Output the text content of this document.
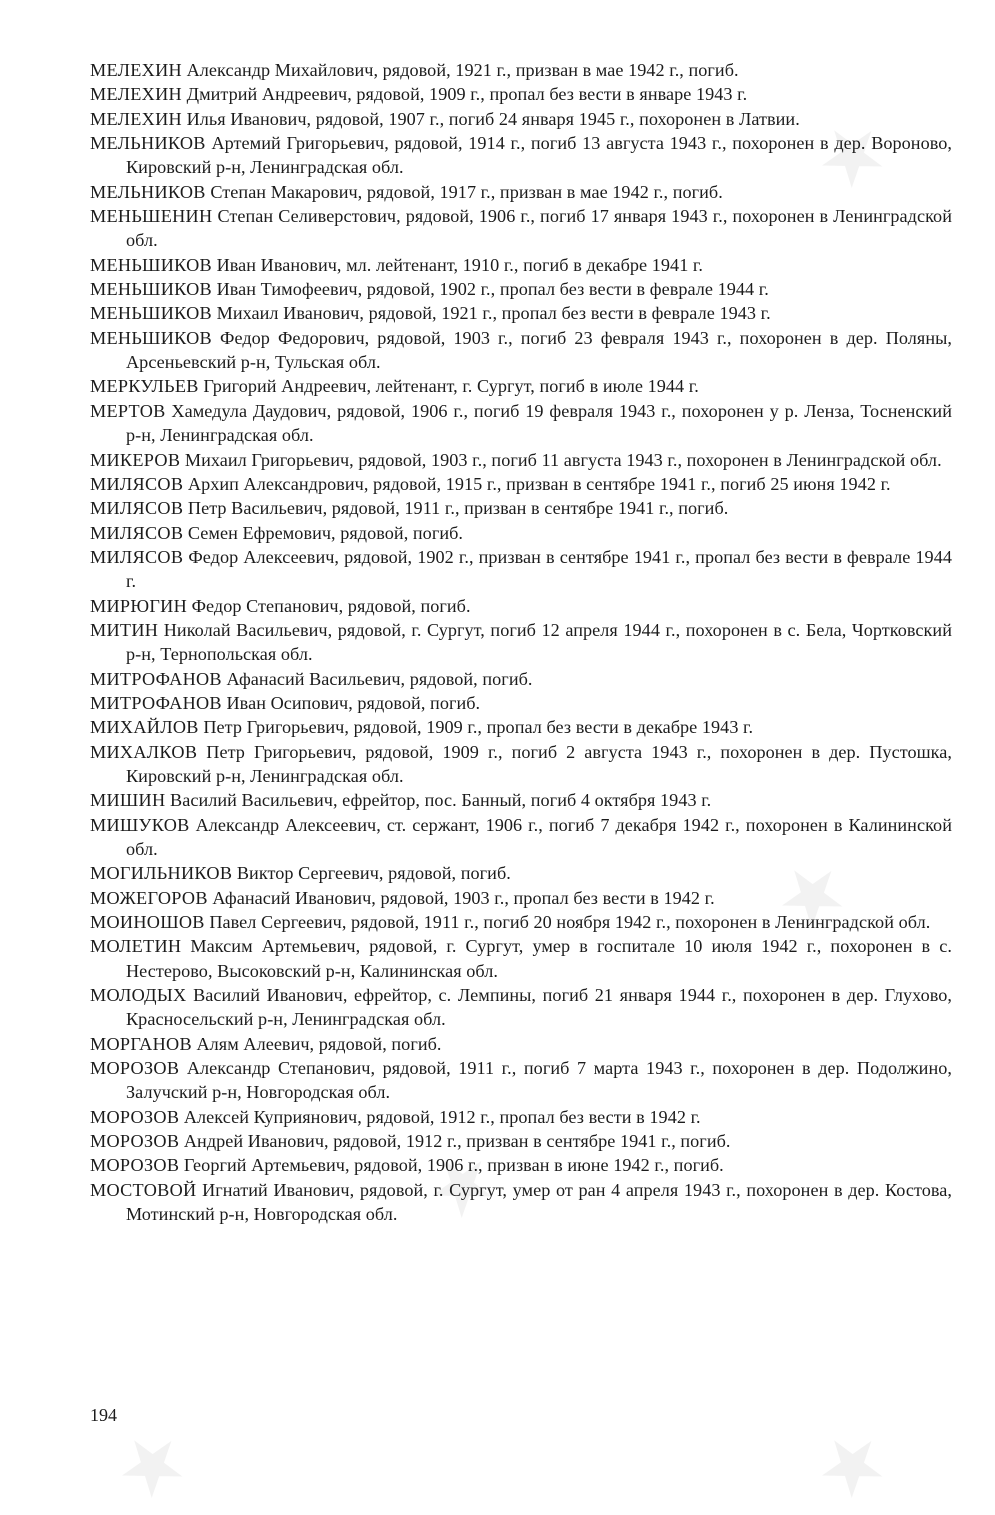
★
★
★
★	★
МЕЛЕХИН Александр Михайлович, рядовой, 1921 г., призван в мае 1942 г., погиб.
МЕЛЕХИН Дмитрий Андреевич, рядовой, 1909 г., пропал без вести в январе 1943 г.
МЕЛЕХИН Илья Иванович, рядовой, 1907 г., погиб 24 января 1945 г., похоронен в Латвии.
МЕЛЬНИКОВ Артемий Григорьевич, рядовой, 1914 г., погиб 13 августа 1943 г., похоронен в дер. Вороново, Кировский р-н, Ленинградская обл.
МЕЛЬНИКОВ Степан Макарович, рядовой, 1917 г., призван в мае 1942 г., погиб.
МЕНЬШЕНИН Степан Селиверстович, рядовой, 1906 г., погиб 17 января 1943 г., похоронен в Ленинградской обл.
МЕНЬШИКОВ Иван Иванович, мл. лейтенант, 1910 г., погиб в декабре 1941 г.
МЕНЬШИКОВ Иван Тимофеевич, рядовой, 1902 г., пропал без вести в феврале 1944 г.
МЕНЬШИКОВ Михаил Иванович, рядовой, 1921 г., пропал без вести в феврале 1943 г.
МЕНЬШИКОВ Федор Федорович, рядовой, 1903 г., погиб 23 февраля 1943 г., похоронен в дер. Поляны, Арсеньевский р-н, Тульская обл.
МЕРКУЛЬЕВ Григорий Андреевич, лейтенант, г. Сургут, погиб в июле 1944 г.
МЕРТОВ Хамедула Даудович, рядовой, 1906 г., погиб 19 февраля 1943 г., похоронен у р. Ленза, Тосненский р-н, Ленинградская обл.
МИКЕРОВ Михаил Григорьевич, рядовой, 1903 г., погиб 11 августа 1943 г., похоронен в Ленинградской обл.
МИЛЯСОВ Архип Александрович, рядовой, 1915 г., призван в сентябре 1941 г., погиб 25 июня 1942 г.
МИЛЯСОВ Петр Васильевич, рядовой, 1911 г., призван в сентябре 1941 г., погиб.
МИЛЯСОВ Семен Ефремович, рядовой, погиб.
МИЛЯСОВ Федор Алексеевич, рядовой, 1902 г., призван в сентябре 1941 г., пропал без вести в феврале 1944 г.
МИРЮГИН Федор Степанович, рядовой, погиб.
МИТИН Николай Васильевич, рядовой, г. Сургут, погиб 12 апреля 1944 г., похоронен в с. Бела, Чортковский р-н, Тернопольская обл.
МИТРОФАНОВ Афанасий Васильевич, рядовой, погиб.
МИТРОФАНОВ Иван Осипович, рядовой, погиб.
МИХАЙЛОВ Петр Григорьевич, рядовой, 1909 г., пропал без вести в декабре 1943 г.
МИХАЛКОВ Петр Григорьевич, рядовой, 1909 г., погиб 2 августа 1943 г., похоронен в дер. Пустошка, Кировский р-н, Ленинградская обл.
МИШИН Василий Васильевич, ефрейтор, пос. Банный, погиб 4 октября 1943 г.
МИШУКОВ Александр Алексеевич, ст. сержант, 1906 г., погиб 7 декабря 1942 г., похоронен в Калининской обл.
МОГИЛЬНИКОВ Виктор Сергеевич, рядовой, погиб.
МОЖЕГОРОВ Афанасий Иванович, рядовой, 1903 г., пропал без вести в 1942 г.
МОИНОШОВ Павел Сергеевич, рядовой, 1911 г., погиб 20 ноября 1942 г., похоронен в Ленинградской обл.
МОЛЕТИН Максим Артемьевич, рядовой, г. Сургут, умер в госпитале 10 июля 1942 г., похоронен в с. Нестерово, Высоковский р-н, Калининская обл.
МОЛОДЫХ Василий Иванович, ефрейтор, с. Лемпины, погиб 21 января 1944 г., похоронен в дер. Глухово, Красносельский р-н, Ленинградская обл.
МОРГАНОВ Алям Алеевич, рядовой, погиб.
МОРОЗОВ Александр Степанович, рядовой, 1911 г., погиб 7 марта 1943 г., похоронен в дер. Подолжино, Залучский р-н, Новгородская обл.
МОРОЗОВ Алексей Куприянович, рядовой, 1912 г., пропал без вести в 1942 г.
МОРОЗОВ Андрей Иванович, рядовой, 1912 г., призван в сентябре 1941 г., погиб.
МОРОЗОВ Георгий Артемьевич, рядовой, 1906 г., призван в июне 1942 г., погиб.
МОСТОВОЙ Игнатий Иванович, рядовой, г. Сургут, умер от ран 4 апреля 1943 г., похоронен в дер. Костова, Мотинский р-н, Новгородская обл.
194
